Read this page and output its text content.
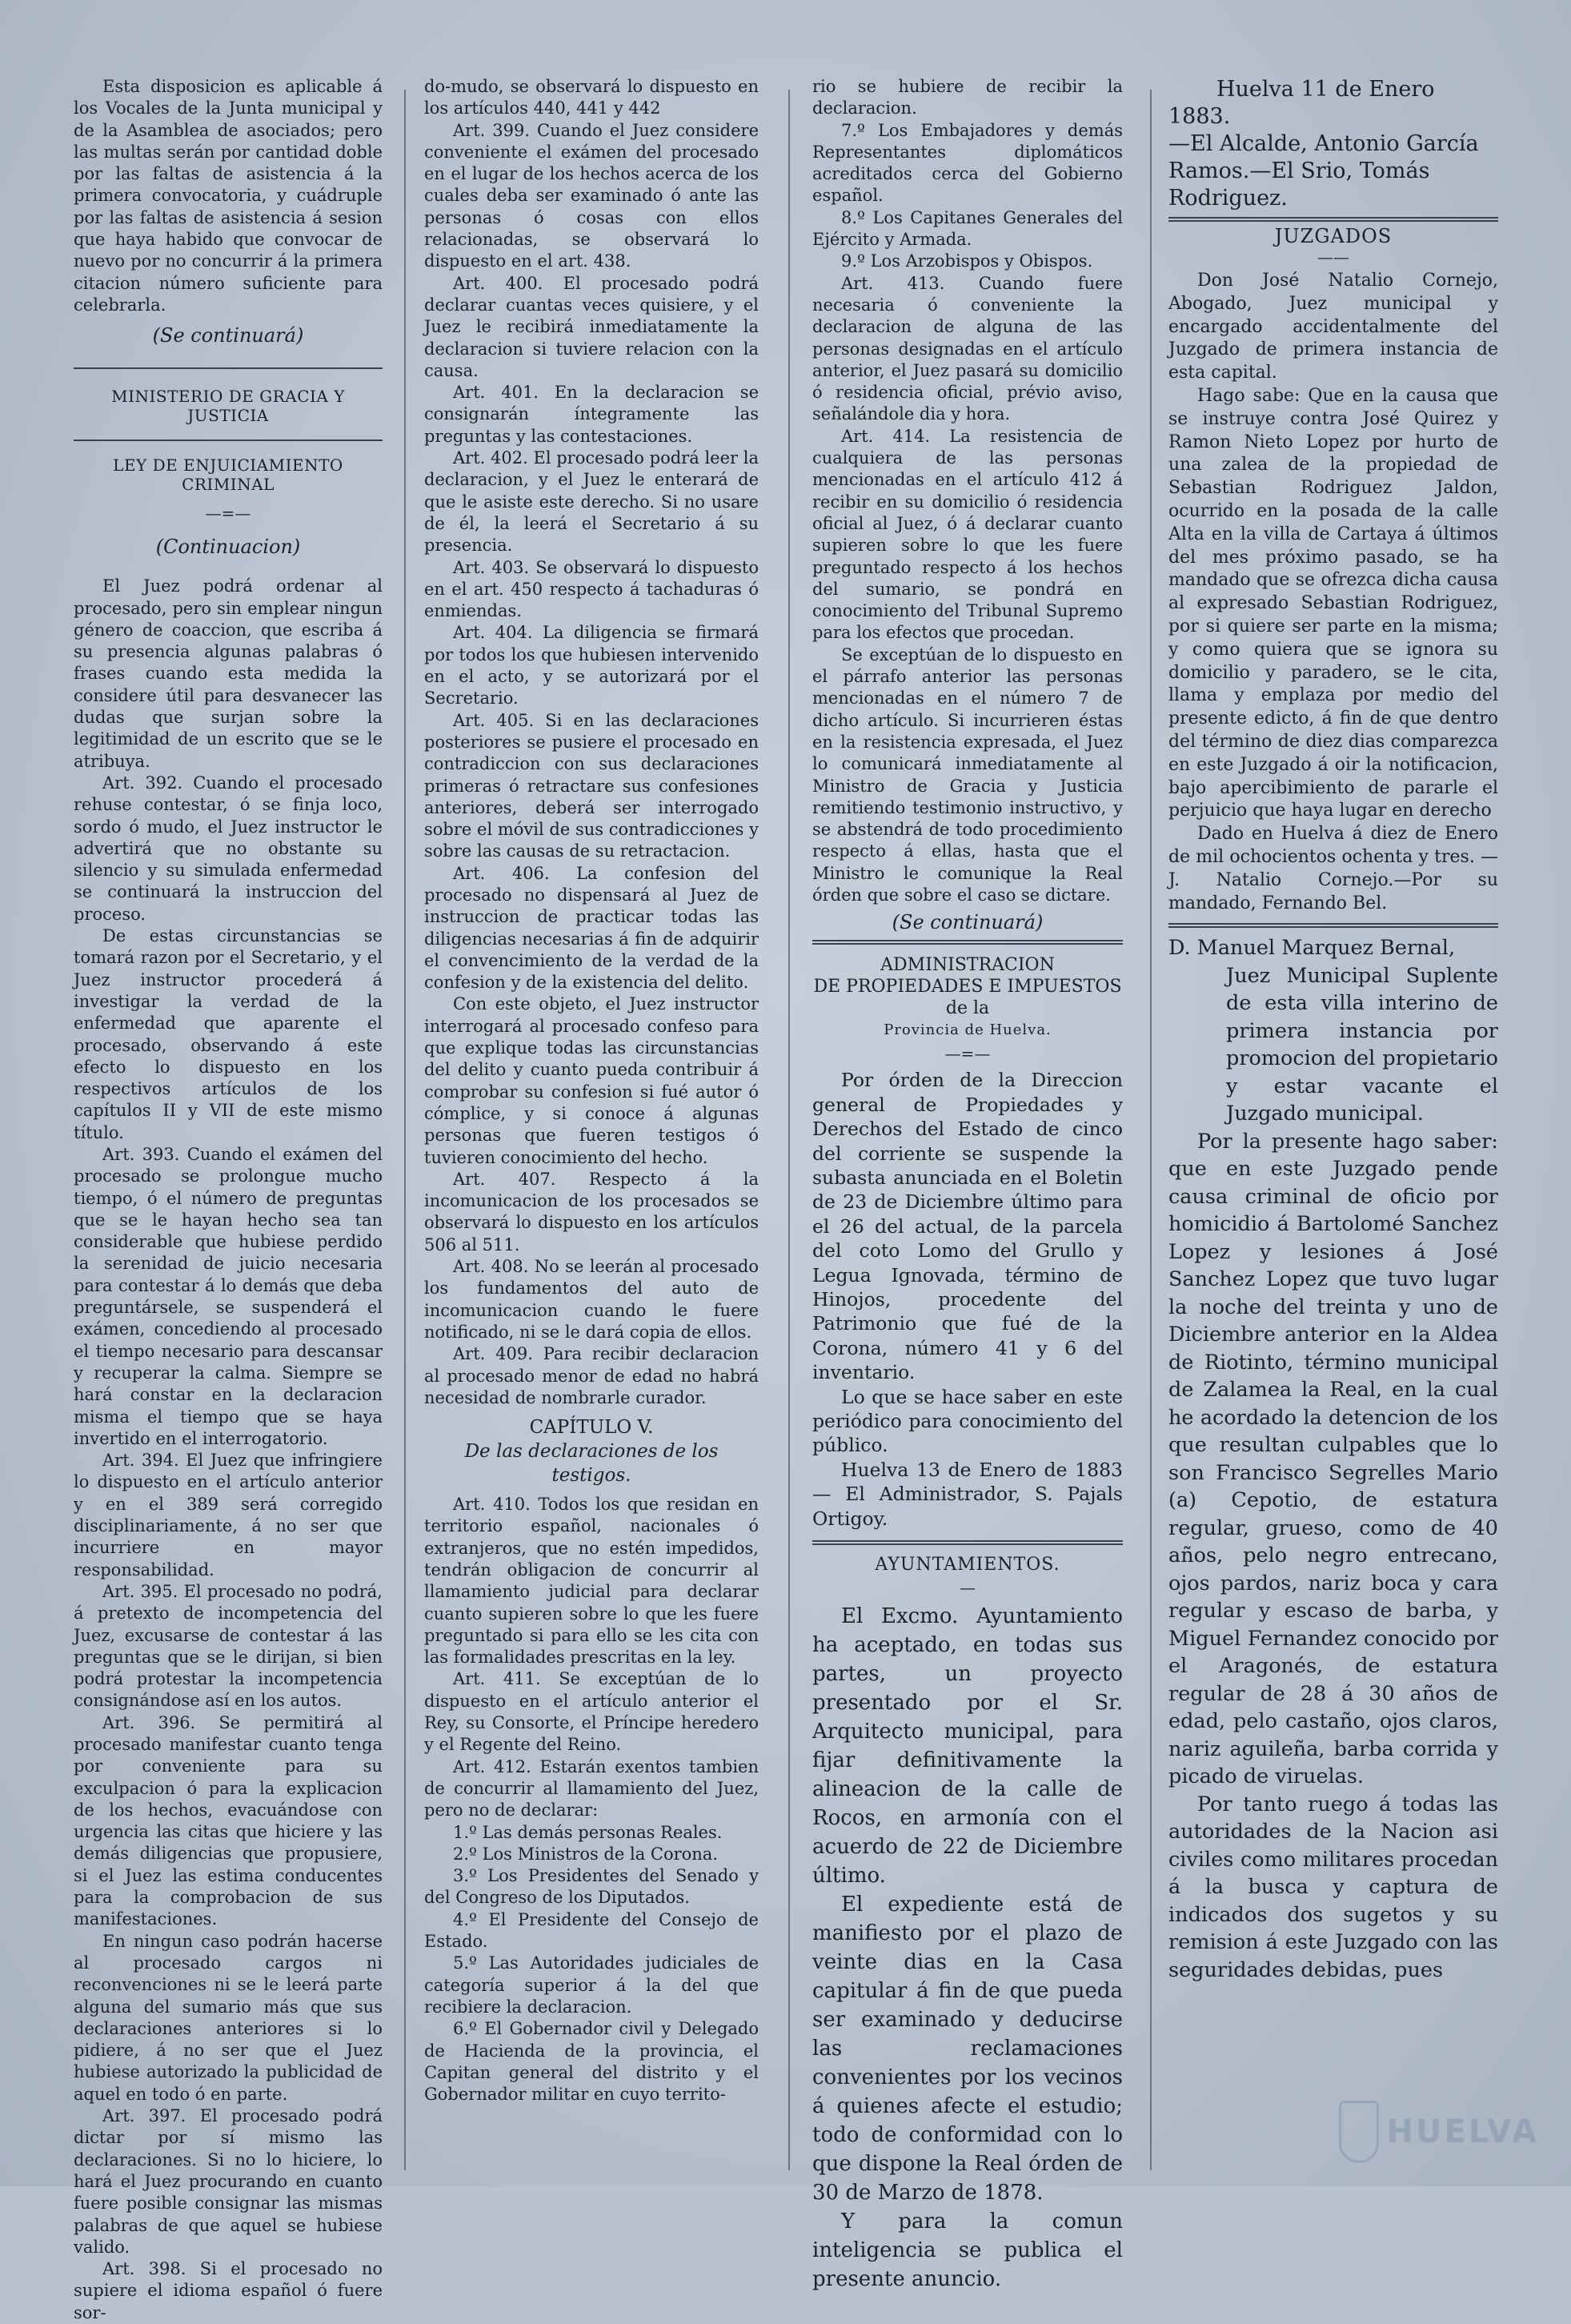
Esta disposicion es aplicable á los Vocales de la Junta municipal y de la Asamblea de asociados; pero las multas serán por cantidad doble por las faltas de asistencia á la primera convocatoria, y cuádruple por las faltas de asistencia á sesion que haya habido que convocar de nuevo por no concurrir á la primera citacion número suficiente para celebrarla.

(Se continuará)
MINISTERIO DE GRACIA Y JUSTICIA
LEY DE ENJUICIAMIENTO CRIMINAL
—=—
(Continuacion)

El Juez podrá ordenar al procesado, pero sin emplear ningun género de coaccion, que escriba á su presencia algunas palabras ó frases cuando esta medida la considere útil para desvanecer las dudas que surjan sobre la legitimidad de un escrito que se le atribuya.

Art. 392. Cuando el procesado rehuse contestar, ó se finja loco, sordo ó mudo, el Juez instructor le advertirá que no obstante su silencio y su simulada enfermedad se continuará la instruccion del proceso.

De estas circunstancias se tomará razon por el Secretario, y el Juez instructor procederá á investigar la verdad de la enfermedad que aparente el procesado, observando á este efecto lo dispuesto en los respectivos artículos de los capítulos II y VII de este mismo título.

Art. 393. Cuando el exámen del procesado se prolongue mucho tiempo, ó el número de preguntas que se le hayan hecho sea tan considerable que hubiese perdido la serenidad de juicio necesaria para contestar á lo demás que deba preguntársele, se suspenderá el exámen, concediendo al procesado el tiempo necesario para descansar y recuperar la calma. Siempre se hará constar en la declaracion misma el tiempo que se haya invertido en el interrogatorio.

Art. 394. El Juez que infringiere lo dispuesto en el artículo anterior y en el 389 será corregido disciplinariamente, á no ser que incurriere en mayor responsabilidad.

Art. 395. El procesado no podrá, á pretexto de incompetencia del Juez, excusarse de contestar á las preguntas que se le dirijan, si bien podrá protestar la incompetencia consignándose así en los autos.

Art. 396. Se permitirá al procesado manifestar cuanto tenga por conveniente para su exculpacion ó para la explicacion de los hechos, evacuándose con urgencia las citas que hiciere y las demás diligencias que propusiere, si el Juez las estima conducentes para la comprobacion de sus manifestaciones.

En ningun caso podrán hacerse al procesado cargos ni reconvenciones ni se le leerá parte alguna del sumario más que sus declaraciones anteriores si lo pidiere, á no ser que el Juez hubiese autorizado la publicidad de aquel en todo ó en parte.

Art. 397. El procesado podrá dictar por sí mismo las declaraciones. Si no lo hiciere, lo hará el Juez procurando en cuanto fuere posible consignar las mismas palabras de que aquel se hubiese valido.

Art. 398. Si el procesado no supiere el idioma español ó fuere sor-

do-mudo, se observará lo dispuesto en los artículos 440, 441 y 442

Art. 399. Cuando el Juez considere conveniente el exámen del procesado en el lugar de los hechos acerca de los cuales deba ser examinado ó ante las personas ó cosas con ellos relacionadas, se observará lo dispuesto en el art. 438.

Art. 400. El procesado podrá declarar cuantas veces quisiere, y el Juez le recibirá inmediatamente la declaracion si tuviere relacion con la causa.

Art. 401. En la declaracion se consignarán íntegramente las preguntas y las contestaciones.

Art. 402. El procesado podrá leer la declaracion, y el Juez le enterará de que le asiste este derecho. Si no usare de él, la leerá el Secretario á su presencia.

Art. 403. Se observará lo dispuesto en el art. 450 respecto á tachaduras ó enmiendas.

Art. 404. La diligencia se firmará por todos los que hubiesen intervenido en el acto, y se autorizará por el Secretario.

Art. 405. Si en las declaraciones posteriores se pusiere el procesado en contradiccion con sus declaraciones primeras ó retractare sus confesiones anteriores, deberá ser interrogado sobre el móvil de sus contradicciones y sobre las causas de su retractacion.

Art. 406. La confesion del procesado no dispensará al Juez de instruccion de practicar todas las diligencias necesarias á fin de adquirir el convencimiento de la verdad de la confesion y de la existencia del delito.

Con este objeto, el Juez instructor interrogará al procesado confeso para que explique todas las circunstancias del delito y cuanto pueda contribuir á comprobar su confesion si fué autor ó cómplice, y si conoce á algunas personas que fueren testigos ó tuvieren conocimiento del hecho.

Art. 407. Respecto á la incomunicacion de los procesados se observará lo dispuesto en los artículos 506 al 511.

Art. 408. No se leerán al procesado los fundamentos del auto de incomunicacion cuando le fuere notificado, ni se le dará copia de ellos.

Art. 409. Para recibir declaracion al procesado menor de edad no habrá necesidad de nombrarle curador.

CAPÍTULO V.
De las declaraciones de los testigos.

Art. 410. Todos los que residan en territorio español, nacionales ó extranjeros, que no estén impedidos, tendrán obligacion de concurrir al llamamiento judicial para declarar cuanto supieren sobre lo que les fuere preguntado si para ello se les cita con las formalidades prescritas en la ley.

Art. 411. Se exceptúan de lo dispuesto en el artículo anterior el Rey, su Consorte, el Príncipe heredero y el Regente del Reino.

Art. 412. Estarán exentos tambien de concurrir al llamamiento del Juez, pero no de declarar:

1.º Las demás personas Reales.

2.º Los Ministros de la Corona.

3.º Los Presidentes del Senado y del Congreso de los Diputados.

4.º El Presidente del Consejo de Estado.

5.º Las Autoridades judiciales de categoría superior á la del que recibiere la declaracion.

6.º El Gobernador civil y Delegado de Hacienda de la provincia, el Capitan general del distrito y el Gobernador militar en cuyo territo-

rio se hubiere de recibir la declaracion.

7.º Los Embajadores y demás Representantes diplomáticos acreditados cerca del Gobierno español.

8.º Los Capitanes Generales del Ejército y Armada.

9.º Los Arzobispos y Obispos.

Art. 413. Cuando fuere necesaria ó conveniente la declaracion de alguna de las personas designadas en el artículo anterior, el Juez pasará su domicilio ó residencia oficial, prévio aviso, señalándole dia y hora.

Art. 414. La resistencia de cualquiera de las personas mencionadas en el artículo 412 á recibir en su domicilio ó residencia oficial al Juez, ó á declarar cuanto supieren sobre lo que les fuere preguntado respecto á los hechos del sumario, se pondrá en conocimiento del Tribunal Supremo para los efectos que procedan.

Se exceptúan de lo dispuesto en el párrafo anterior las personas mencionadas en el número 7 de dicho artículo. Si incurrieren éstas en la resistencia expresada, el Juez lo comunicará inmediatamente al Ministro de Gracia y Justicia remitiendo testimonio instructivo, y se abstendrá de todo procedimiento respecto á ellas, hasta que el Ministro le comunique la Real órden que sobre el caso se dictare.

(Se continuará)
ADMINISTRACION
DE PROPIEDADES E IMPUESTOS
de la
Provincia de Huelva.
—=—

Por órden de la Direccion general de Propiedades y Derechos del Estado de cinco del corriente se suspende la subasta anunciada en el Boletin de 23 de Diciembre último para el 26 del actual, de la parcela del coto Lomo del Grullo y Legua Ignovada, término de Hinojos, procedente del Patrimonio que fué de la Corona, número 41 y 6 del inventario.

Lo que se hace saber en este periódico para conocimiento del público.

Huelva 13 de Enero de 1883 — El Administrador, S. Pajals Ortigoy.

AYUNTAMIENTOS.
—

El Excmo. Ayuntamiento ha aceptado, en todas sus partes, un proyecto presentado por el Sr. Arquitecto municipal, para fijar definitivamente la alineacion de la calle de Rocos, en armonía con el acuerdo de 22 de Diciembre último.

El expediente está de manifiesto por el plazo de veinte dias en la Casa capitular á fin de que pueda ser examinado y deducirse las reclamaciones convenientes por los vecinos á quienes afecte el estudio; todo de conformidad con lo que dispone la Real órden de 30 de Marzo de 1878.

Y para la comun inteligencia se publica el presente anuncio.

Huelva 11 de Enero 1883.

—El Alcalde, Antonio García Ramos.—El Srio, Tomás Rodriguez.

JUZGADOS
——

Don José Natalio Cornejo, Abogado, Juez municipal y encargado accidentalmente del Juzgado de primera instancia de esta capital.

Hago sabe: Que en la causa que se instruye contra José Quirez y Ramon Nieto Lopez por hurto de una zalea de la propiedad de Sebastian Rodriguez Jaldon, ocurrido en la posada de la calle Alta en la villa de Cartaya á últimos del mes próximo pasado, se ha mandado que se ofrezca dicha causa al expresado Sebastian Rodriguez, por si quiere ser parte en la misma; y como quiera que se ignora su domicilio y paradero, se le cita, llama y emplaza por medio del presente edicto, á fin de que dentro del término de diez dias comparezca en este Juzgado á oir la notificacion, bajo apercibimiento de pararle el perjuicio que haya lugar en derecho

Dado en Huelva á diez de Enero de mil ochocientos ochenta y tres. —J. Natalio Cornejo.—Por su mandado, Fernando Bel.

D. Manuel Marquez Bernal,

Juez Municipal Suplente de esta villa interino de primera instancia por promocion del propietario y estar vacante el Juzgado municipal.

Por la presente hago saber: que en este Juzgado pende causa criminal de oficio por homicidio á Bartolomé Sanchez Lopez y lesiones á José Sanchez Lopez que tuvo lugar la noche del treinta y uno de Diciembre anterior en la Aldea de Riotinto, término municipal de Zalamea la Real, en la cual he acordado la detencion de los que resultan culpables que lo son Francisco Segrelles Mario (a) Cepotio, de estatura regular, grueso, como de 40 años, pelo negro entrecano, ojos pardos, nariz boca y cara regular y escaso de barba, y Miguel Fernandez conocido por el Aragonés, de estatura regular de 28 á 30 años de edad, pelo castaño, ojos claros, nariz aguileña, barba corrida y picado de viruelas.

Por tanto ruego á todas las autoridades de la Nacion asi civiles como militares procedan á la busca y captura de indicados dos sugetos y su remision á este Juzgado con las seguridades debidas, pues

HUELVA
